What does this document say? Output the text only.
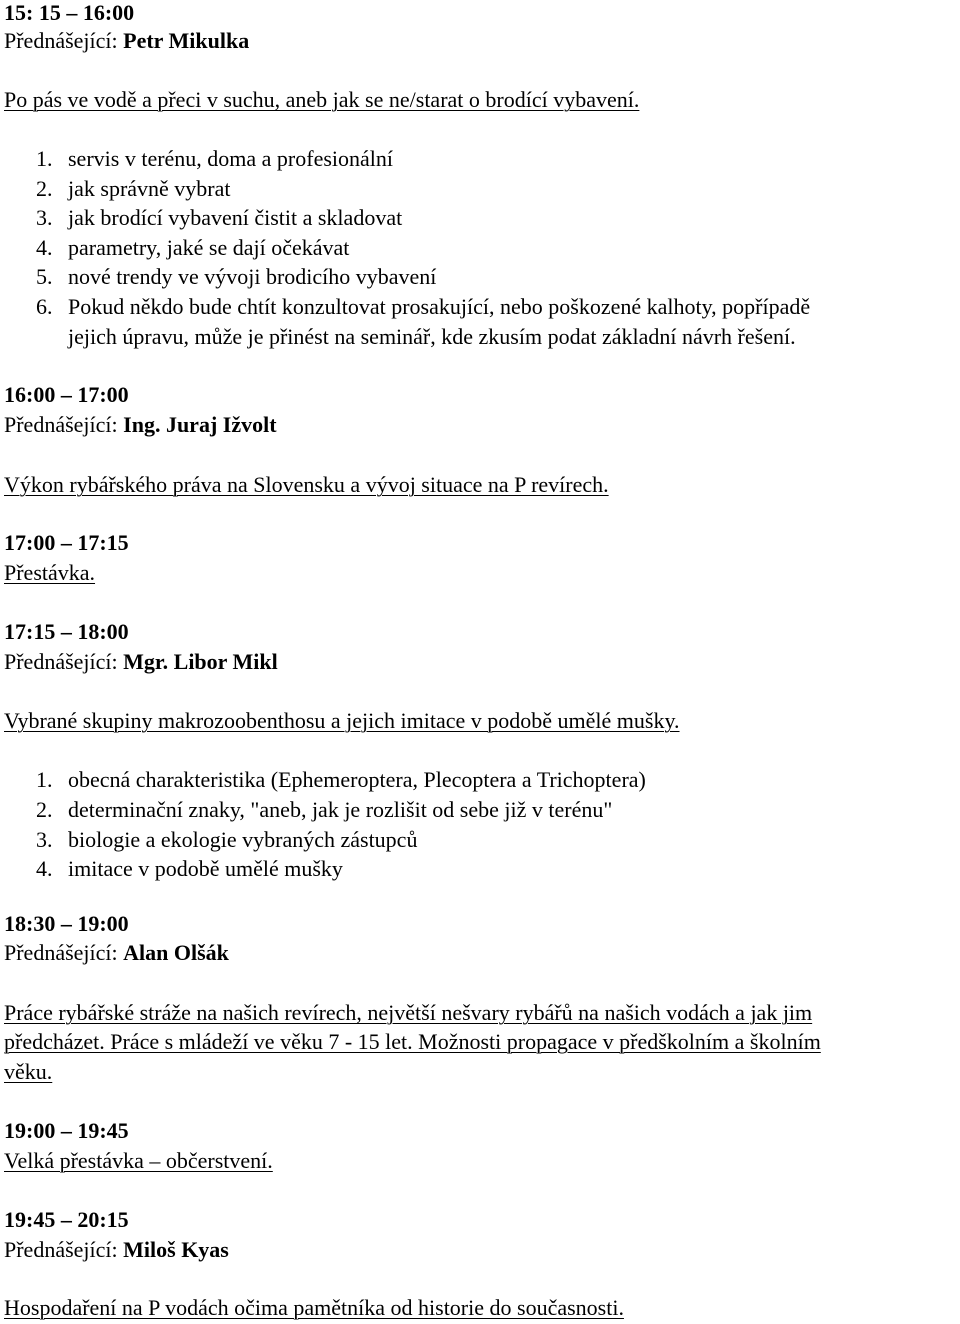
15: 15 – 16:00
Přednášející: Petr Mikulka
Po pás ve vodě a přeci v suchu, aneb jak se ne/starat o brodící vybavení.
1. servis v terénu, doma a profesionální
2. jak správně vybrat
3. jak brodící vybavení čistit a skladovat
4. parametry, jaké se dají očekávat
5. nové trendy ve vývoji brodicího vybavení
6. Pokud někdo bude chtít konzultovat prosakující, nebo poškozené kalhoty, popřípadě
jejich úpravu, může je přinést na seminář, kde zkusím podat základní návrh řešení.
16:00 – 17:00
Přednášející: Ing. Juraj Ižvolt
Výkon rybářského práva na Slovensku a vývoj situace na P revírech.
17:00 – 17:15
Přestávka.
17:15 – 18:00
Přednášející: Mgr. Libor Mikl
Vybrané skupiny makrozoobenthosu a jejich imitace v podobě umělé mušky.
1. obecná charakteristika (Ephemeroptera, Plecoptera a Trichoptera)
2. determinační znaky, "aneb, jak je rozlišit od sebe již v terénu"
3. biologie a ekologie vybraných zástupců
4. imitace v podobě umělé mušky
18:30 – 19:00
Přednášející: Alan Olšák
Práce rybářské stráže na našich revírech, největší nešvary rybářů na našich vodách a jak jim
předcházet. Práce s mládeží ve věku 7 - 15 let. Možnosti propagace v předškolním a školním
věku.
19:00 – 19:45
Velká přestávka – občerstvení.
19:45 – 20:15
Přednášející: Miloš Kyas
Hospodaření na P vodách očima pamětníka od historie do současnosti.
